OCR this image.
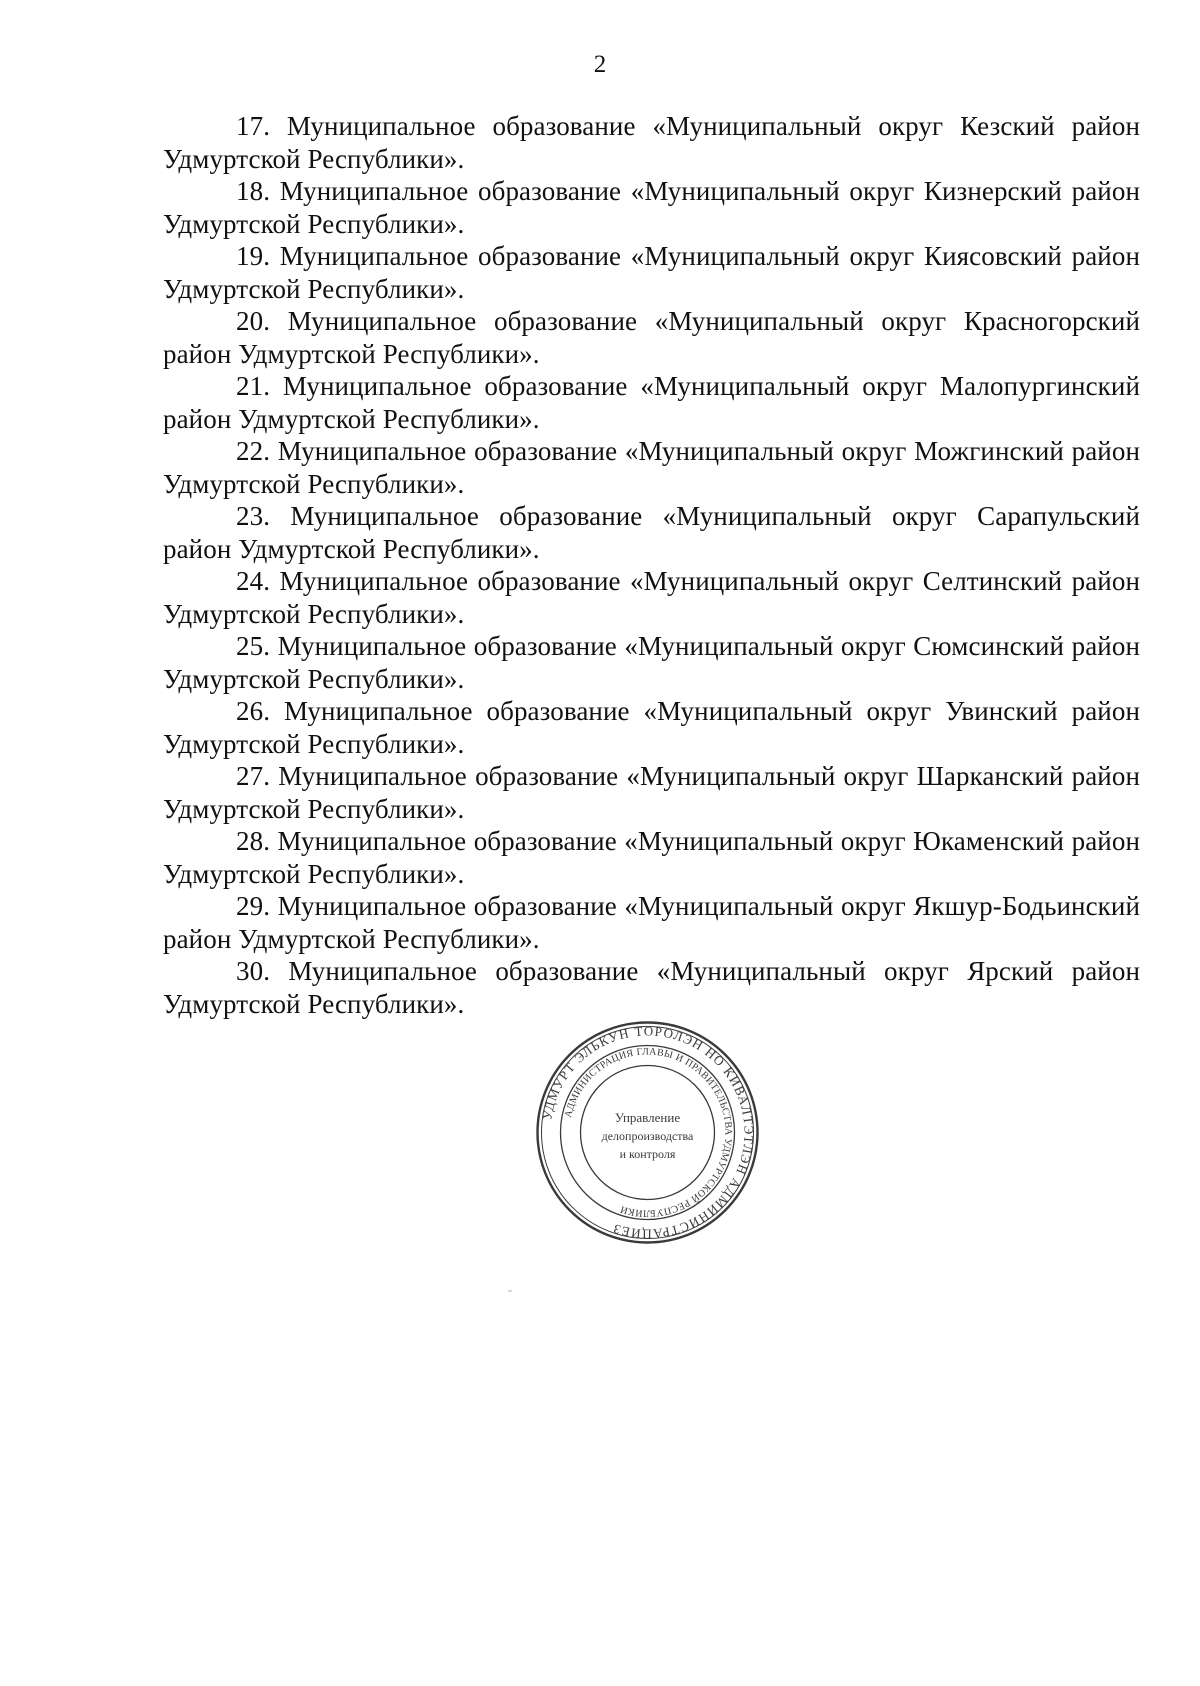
2

17. Муниципальное образование «Муниципальный округ Кезский район Удмуртской Республики».

18. Муниципальное образование «Муниципальный округ Кизнерский район Удмуртской Республики».

19. Муниципальное образование «Муниципальный округ Киясовский район Удмуртской Республики».

20. Муниципальное образование «Муниципальный округ Красногорский район Удмуртской Республики».

21. Муниципальное образование «Муниципальный округ Малопургинский район Удмуртской Республики».

22. Муниципальное образование «Муниципальный округ Можгинский район Удмуртской Республики».

23. Муниципальное образование «Муниципальный округ Сарапульский район Удмуртской Республики».

24. Муниципальное образование «Муниципальный округ Селтинский район Удмуртской Республики».

25. Муниципальное образование «Муниципальный округ Сюмсинский район Удмуртской Республики».

26. Муниципальное образование «Муниципальный округ Увинский район Удмуртской Республики».

27. Муниципальное образование «Муниципальный округ Шарканский район Удмуртской Республики».

28. Муниципальное образование «Муниципальный округ Юкаменский район Удмуртской Республики».

29. Муниципальное образование «Муниципальный округ Якшур-Бодьинский район Удмуртской Республики».

30. Муниципальное образование «Муниципальный округ Ярский район Удмуртской Республики».

УДМУРТ ЭЛЬКУН ТОРОЛЭН НО КИВАЛТЭТЛЭН АДМИНИСТРАЦИЕЗ
АДМИНИСТРАЦИЯ ГЛАВЫ И ПРАВИТЕЛЬСТВА УДМУРТСКОЙ РЕСПУБЛИКИ
Управление
делопроизводства
и контроля
